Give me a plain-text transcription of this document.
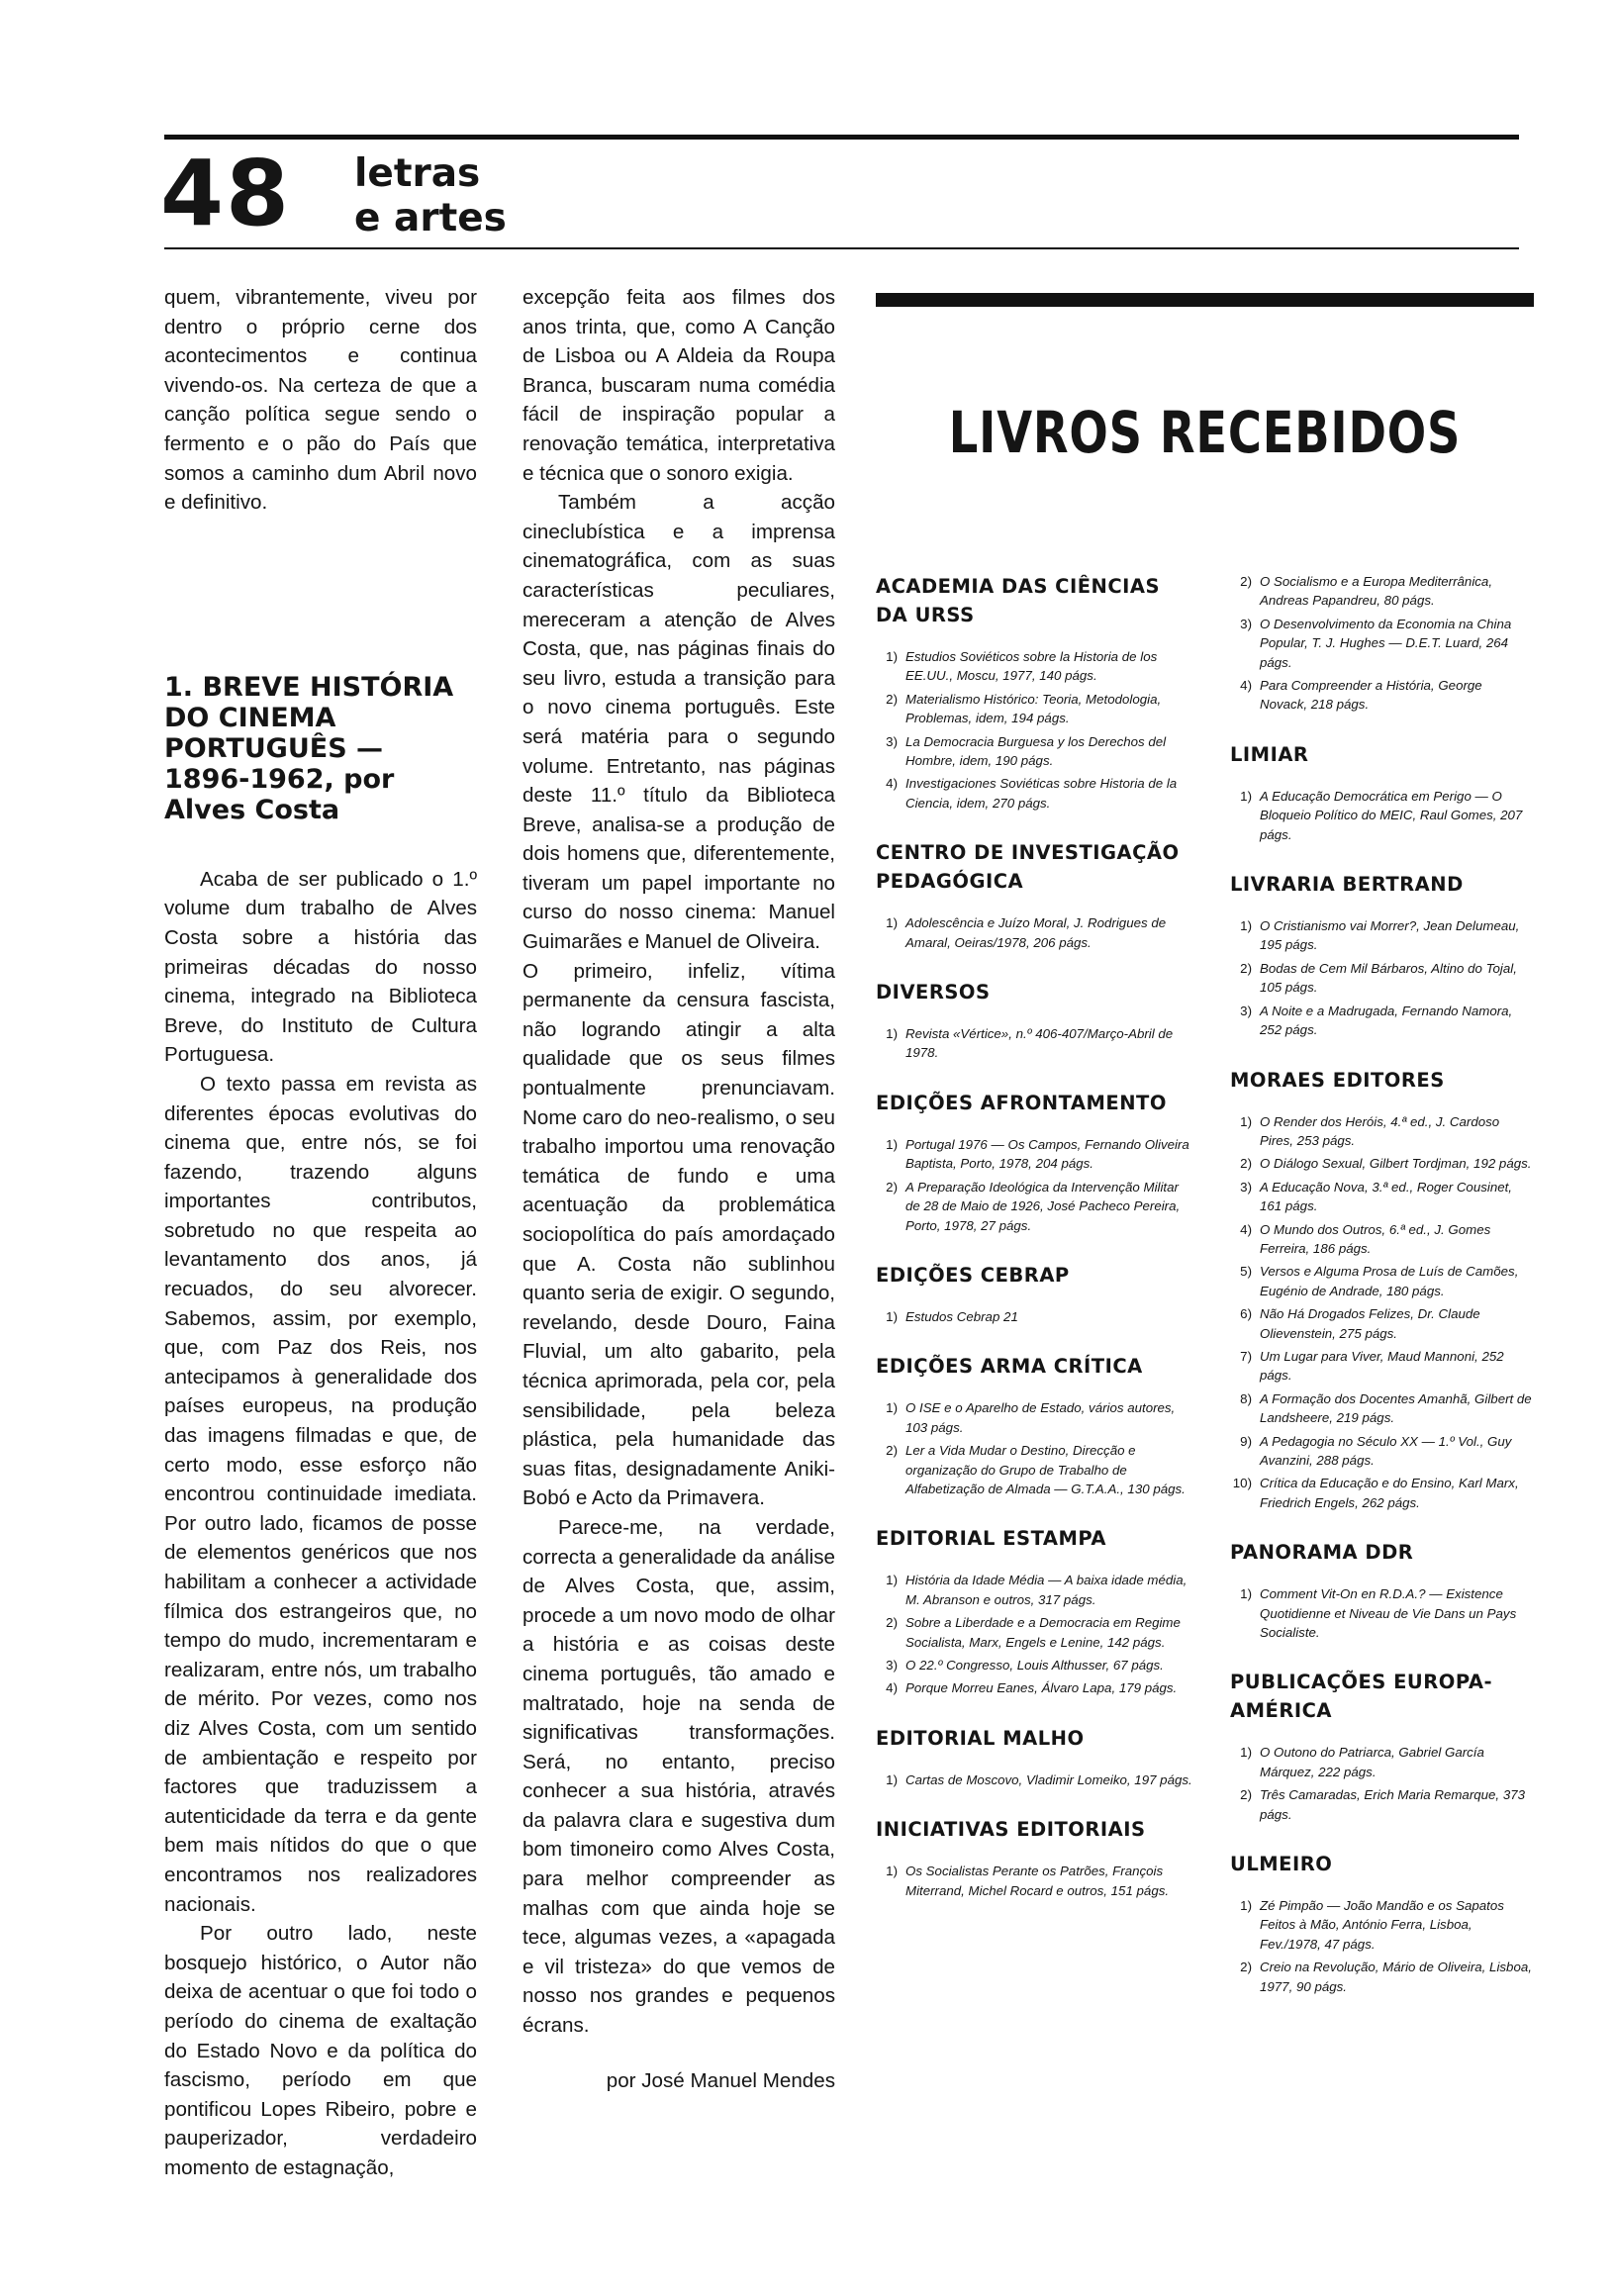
48 letras
e artes

quem, vibrantemente, viveu por dentro o próprio cerne dos acontecimentos e continua vivendo-os. Na certeza de que a canção política segue sendo o fermento e o pão do País que somos a caminho dum Abril novo e definitivo.

1. BREVE HISTÓRIA DO CINEMA PORTUGUÊS — 1896-1962, por Alves Costa

Acaba de ser publicado o 1.º volume dum trabalho de Alves Costa sobre a história das primeiras décadas do nosso cinema, integrado na Biblioteca Breve, do Instituto de Cultura Portuguesa.

O texto passa em revista as diferentes épocas evolutivas do cinema que, entre nós, se foi fazendo, trazendo alguns importantes contributos, sobretudo no que respeita ao levantamento dos anos, já recuados, do seu alvorecer. Sabemos, assim, por exemplo, que, com Paz dos Reis, nos antecipamos à generalidade dos países europeus, na produção das imagens filmadas e que, de certo modo, esse esforço não encontrou continuidade imediata. Por outro lado, ficamos de posse de elementos genéricos que nos habilitam a conhecer a actividade fílmica dos estrangeiros que, no tempo do mudo, incrementaram e realizaram, entre nós, um trabalho de mérito. Por vezes, como nos diz Alves Costa, com um sentido de ambientação e respeito por factores que traduzissem a autenticidade da terra e da gente bem mais nítidos do que o que encontramos nos realizadores nacionais.

Por outro lado, neste bosquejo histórico, o Autor não deixa de acentuar o que foi todo o período do cinema de exaltação do Estado Novo e da política do fascismo, período em que pontificou Lopes Ribeiro, pobre e pauperizador, verdadeiro momento de estagnação,

excepção feita aos filmes dos anos trinta, que, como A Canção de Lisboa ou A Aldeia da Roupa Branca, buscaram numa comédia fácil de inspiração popular a renovação temática, interpretativa e técnica que o sonoro exigia.

Também a acção cineclubística e a imprensa cinematográfica, com as suas características peculiares, mereceram a atenção de Alves Costa, que, nas páginas finais do seu livro, estuda a transição para o novo cinema português. Este será matéria para o segundo volume. Entretanto, nas páginas deste 11.º título da Biblioteca Breve, analisa-se a produção de dois homens que, diferentemente, tiveram um papel importante no curso do nosso cinema: Manuel Guimarães e Manuel de Oliveira.

O primeiro, infeliz, vítima permanente da censura fascista, não logrando atingir a alta qualidade que os seus filmes pontualmente prenunciavam. Nome caro do neo-realismo, o seu trabalho importou uma renovação temática de fundo e uma acentuação da problemática sociopolítica do país amordaçado que A. Costa não sublinhou quanto seria de exigir. O segundo, revelando, desde Douro, Faina Fluvial, um alto gabarito, pela técnica aprimorada, pela cor, pela sensibilidade, pela beleza plástica, pela humanidade das suas fitas, designadamente Aniki-Bobó e Acto da Primavera.

Parece-me, na verdade, correcta a generalidade da análise de Alves Costa, que, assim, procede a um novo modo de olhar a história e as coisas deste cinema português, tão amado e maltratado, hoje na senda de significativas transformações. Será, no entanto, preciso conhecer a sua história, através da palavra clara e sugestiva dum bom timoneiro como Alves Costa, para melhor compreender as malhas com que ainda hoje se tece, algumas vezes, a «apagada e vil tristeza» do que vemos de nosso nos grandes e pequenos écrans.

por José Manuel Mendes
LIVROS RECEBIDOS
ACADEMIA DAS CIÊNCIAS DA URSS
1) Estudios Soviéticos sobre la Historia de los EE.UU., Moscu, 1977, 140 págs.
2) Materialismo Histórico: Teoria, Metodologia, Problemas, idem, 194 págs.
3) La Democracia Burguesa y los Derechos del Hombre, idem, 190 págs.
4) Investigaciones Soviéticas sobre Historia de la Ciencia, idem, 270 págs.
CENTRO DE INVESTIGAÇÃO PEDAGÓGICA
1) Adolescência e Juízo Moral, J. Rodrigues de Amaral, Oeiras/1978, 206 págs.
DIVERSOS
1) Revista «Vértice», n.º 406-407/Março-Abril de 1978.
EDIÇÕES AFRONTAMENTO
1) Portugal 1976 — Os Campos, Fernando Oliveira Baptista, Porto, 1978, 204 págs.
2) A Preparação Ideológica da Intervenção Militar de 28 de Maio de 1926, José Pacheco Pereira, Porto, 1978, 27 págs.
EDIÇÕES CEBRAP
1) Estudos Cebrap 21
EDIÇÕES ARMA CRÍTICA
1) O ISE e o Aparelho de Estado, vários autores, 103 págs.
2) Ler a Vida Mudar o Destino, Direcção e organização do Grupo de Trabalho de Alfabetização de Almada — G.T.A.A., 130 págs.
EDITORIAL ESTAMPA
1) História da Idade Média — A baixa idade média, M. Abranson e outros, 317 págs.
2) Sobre a Liberdade e a Democracia em Regime Socialista, Marx, Engels e Lenine, 142 págs.
3) O 22.º Congresso, Louis Althusser, 67 págs.
4) Porque Morreu Eanes, Álvaro Lapa, 179 págs.
EDITORIAL MALHO
1) Cartas de Moscovo, Vladimir Lomeiko, 197 págs.
INICIATIVAS EDITORIAIS
1) Os Socialistas Perante os Patrões, François Miterrand, Michel Rocard e outros, 151 págs.
2) O Socialismo e a Europa Mediterrânica, Andreas Papandreu, 80 págs.
3) O Desenvolvimento da Economia na China Popular, T. J. Hughes — D.E.T. Luard, 264 págs.
4) Para Compreender a História, George Novack, 218 págs.
LIMIAR
1) A Educação Democrática em Perigo — O Bloqueio Político do MEIC, Raul Gomes, 207 págs.
LIVRARIA BERTRAND
1) O Cristianismo vai Morrer?, Jean Delumeau, 195 págs.
2) Bodas de Cem Mil Bárbaros, Altino do Tojal, 105 págs.
3) A Noite e a Madrugada, Fernando Namora, 252 págs.
MORAES EDITORES
1) O Render dos Heróis, 4.ª ed., J. Cardoso Pires, 253 págs.
2) O Diálogo Sexual, Gilbert Tordjman, 192 págs.
3) A Educação Nova, 3.ª ed., Roger Cousinet, 161 págs.
4) O Mundo dos Outros, 6.ª ed., J. Gomes Ferreira, 186 págs.
5) Versos e Alguma Prosa de Luís de Camões, Eugénio de Andrade, 180 págs.
6) Não Há Drogados Felizes, Dr. Claude Olievenstein, 275 págs.
7) Um Lugar para Viver, Maud Mannoni, 252 págs.
8) A Formação dos Docentes Amanhã, Gilbert de Landsheere, 219 págs.
9) A Pedagogia no Século XX — 1.º Vol., Guy Avanzini, 288 págs.
10) Crítica da Educação e do Ensino, Karl Marx, Friedrich Engels, 262 págs.
PANORAMA DDR
1) Comment Vit-On en R.D.A.? — Existence Quotidienne et Niveau de Vie Dans un Pays Socialiste.
PUBLICAÇÕES EUROPA-AMÉRICA
1) O Outono do Patriarca, Gabriel García Márquez, 222 págs.
2) Três Camaradas, Erich Maria Remarque, 373 págs.
ULMEIRO
1) Zé Pimpão — João Mandão e os Sapatos Feitos à Mão, António Ferra, Lisboa, Fev./1978, 47 págs.
2) Creio na Revolução, Mário de Oliveira, Lisboa, 1977, 90 págs.
